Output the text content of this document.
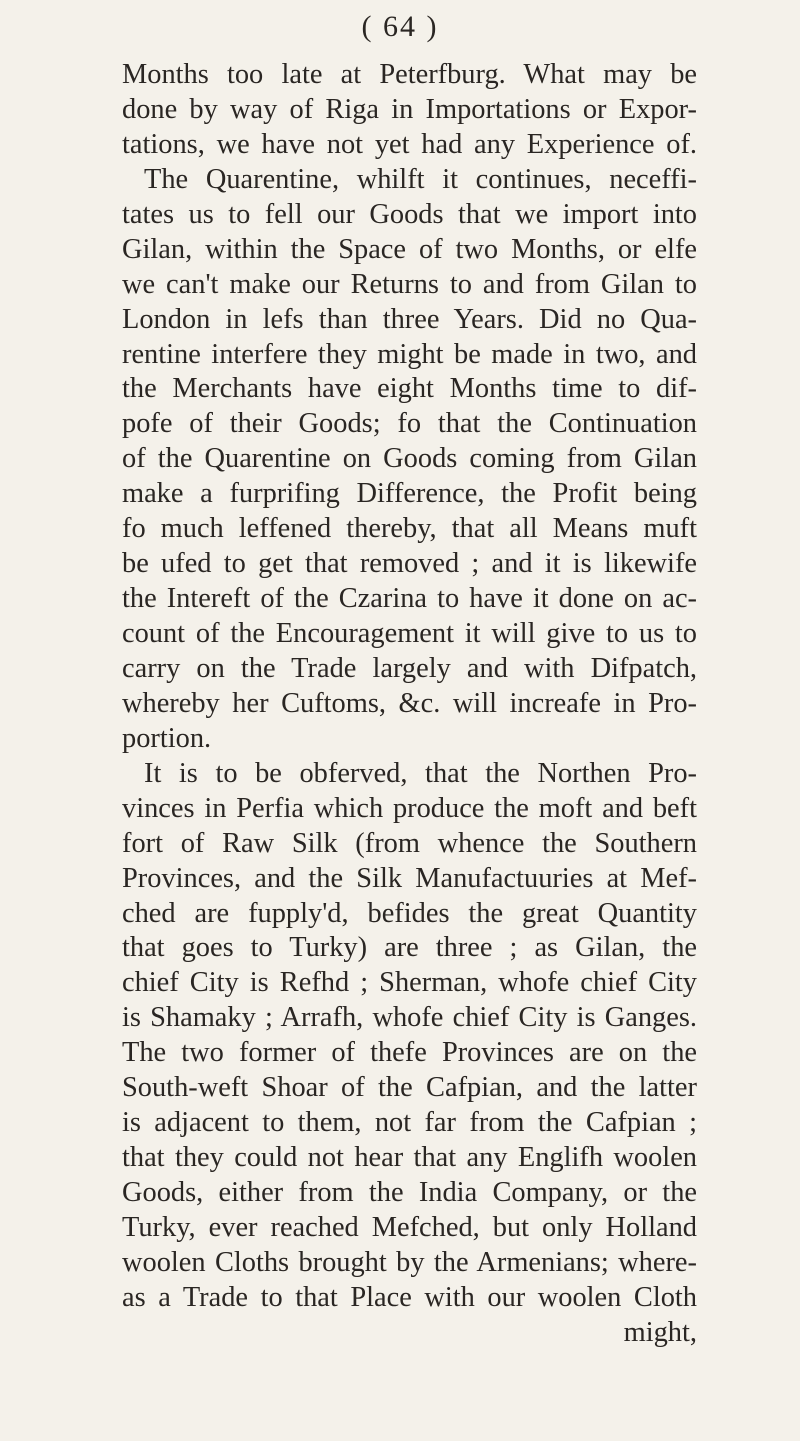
( 64 )
Months too late at Peterfburg. What may be
done by way of Riga in Importations or Expor-
tations, we have not yet had any Experience of.
The Quarentine, whilft it continues, neceffi-
tates us to fell our Goods that we import into
Gilan, within the Space of two Months, or elfe
we can't make our Returns to and from Gilan to
London in lefs than three Years. Did no Qua-
rentine interfere they might be made in two, and
the Merchants have eight Months time to dif-
pofe of their Goods; fo that the Continuation
of the Quarentine on Goods coming from Gilan
make a furprifing Difference, the Profit being
fo much leffened thereby, that all Means muft
be ufed to get that removed ; and it is likewife
the Intereft of the Czarina to have it done on ac-
count of the Encouragement it will give to us to
carry on the Trade largely and with Difpatch,
whereby her Cuftoms, &c. will increafe in Pro-
portion.
It is to be obferved, that the Northen Pro-
vinces in Perfia which produce the moft and beft
fort of Raw Silk (from whence the Southern
Provinces, and the Silk Manufactuuries at Mef-
ched are fupply'd, befides the great Quantity
that goes to Turky) are three ; as Gilan, the
chief City is Refhd ; Sherman, whofe chief City
is Shamaky ; Arrafh, whofe chief City is Ganges.
The two former of thefe Provinces are on the
South-weft Shoar of the Cafpian, and the latter
is adjacent to them, not far from the Cafpian ;
that they could not hear that any Englifh woolen
Goods, either from the India Company, or the
Turky, ever reached Mefched, but only Holland
woolen Cloths brought by the Armenians; where-
as a Trade to that Place with our woolen Cloth
might,
